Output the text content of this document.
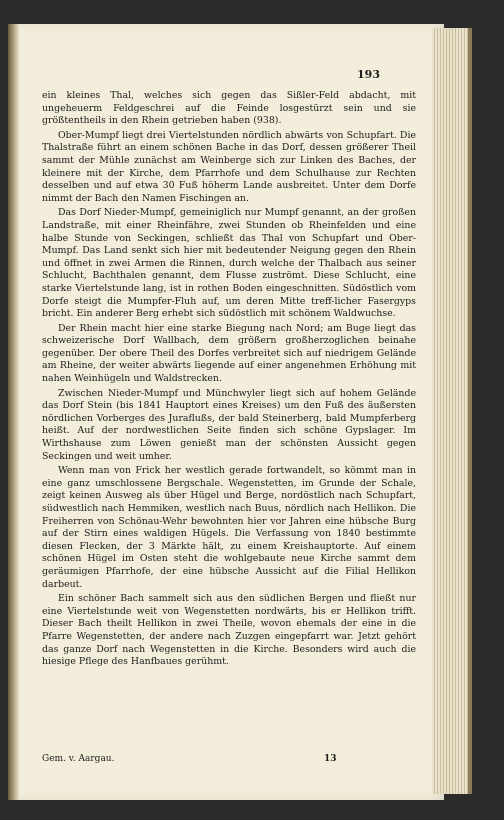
193

ein kleines Thal, welches sich gegen das Sißler-Feld abdacht, mit ungeheuerm Feldgeschrei auf die Feinde losgestürzt sein und sie größtentheils in den Rhein getrieben haben (938).

Ober-Mumpf liegt drei Viertelstunden nördlich abwärts von Schupfart. Die Thalstraße führt an einem schönen Bache in das Dorf, dessen größerer Theil sammt der Mühle zunächst am Weinberge sich zur Linken des Baches, der kleinere mit der Kirche, dem Pfarrhofe und dem Schulhause zur Rechten desselben und auf etwa 30 Fuß höherm Lande ausbreitet. Unter dem Dorfe nimmt der Bach den Namen Fischingen an.

Das Dorf Nieder-Mumpf, gemeiniglich nur Mumpf genannt, an der großen Landstraße, mit einer Rheinfähre, zwei Stunden ob Rheinfelden und eine halbe Stunde von Seckingen, schließt das Thal von Schupfart und Ober-Mumpf. Das Land senkt sich hier mit bedeutender Neigung gegen den Rhein und öffnet in zwei Armen die Rinnen, durch welche der Thalbach aus seiner Schlucht, Bachthalen genannt, dem Flusse zuströmt. Diese Schlucht, eine starke Viertelstunde lang, ist in rothen Boden eingeschnitten. Südöstlich vom Dorfe steigt die Mumpfer-Fluh auf, um deren Mitte treff-licher Fasergyps bricht. Ein anderer Berg erhebt sich südöstlich mit schönem Waldwuchse.

Der Rhein macht hier eine starke Biegung nach Nord; am Buge liegt das schweizerische Dorf Wallbach, dem größern großherzoglichen beinahe gegenüber. Der obere Theil des Dorfes verbreitet sich auf niedrigem Gelände am Rheine, der weiter abwärts liegende auf einer angenehmen Erhöhung mit nahen Weinhügeln und Waldstrecken.

Zwischen Nieder-Mumpf und Münchwyler liegt sich auf hohem Gelände das Dorf Stein (bis 1841 Hauptort eines Kreises) um den Fuß des äußersten nördlichen Vorberges des Juraflußs, der bald Steinerberg, bald Mumpferberg heißt. Auf der nordwestlichen Seite finden sich schöne Gypslager. Im Wirthshause zum Löwen genießt man der schönsten Aussicht gegen Seckingen und weit umher.

Wenn man von Frick her westlich gerade fortwandelt, so kömmt man in eine ganz umschlossene Bergschale. Wegenstetten, im Grunde der Schale, zeigt keinen Ausweg als über Hügel und Berge, nordöstlich nach Schupfart, südwestlich nach Hemmiken, westlich nach Buus, nördlich nach Hellikon. Die Freiherren von Schönau-Wehr bewohnten hier vor Jahren eine hübsche Burg auf der Stirn eines waldigen Hügels. Die Verfassung von 1840 bestimmte diesen Flecken, der 3 Märkte hält, zu einem Kreishauptorte. Auf einem schönen Hügel im Osten steht die wohlgebaute neue Kirche sammt dem geräumigen Pfarrhofe, der eine hübsche Aussicht auf die Filial Hellikon darbeut.

Ein schöner Bach sammelt sich aus den südlichen Bergen und fließt nur eine Viertelstunde weit von Wegenstetten nordwärts, bis er Hellikon trifft. Dieser Bach theilt Hellikon in zwei Theile, wovon ehemals der eine in die Pfarre Wegenstetten, der andere nach Zuzgen eingepfarrt war. Jetzt gehört das ganze Dorf nach Wegenstetten in die Kirche. Besonders wird auch die hiesige Pflege des Hanfbaues gerühmt.

Gem. v. Aargau.	13
